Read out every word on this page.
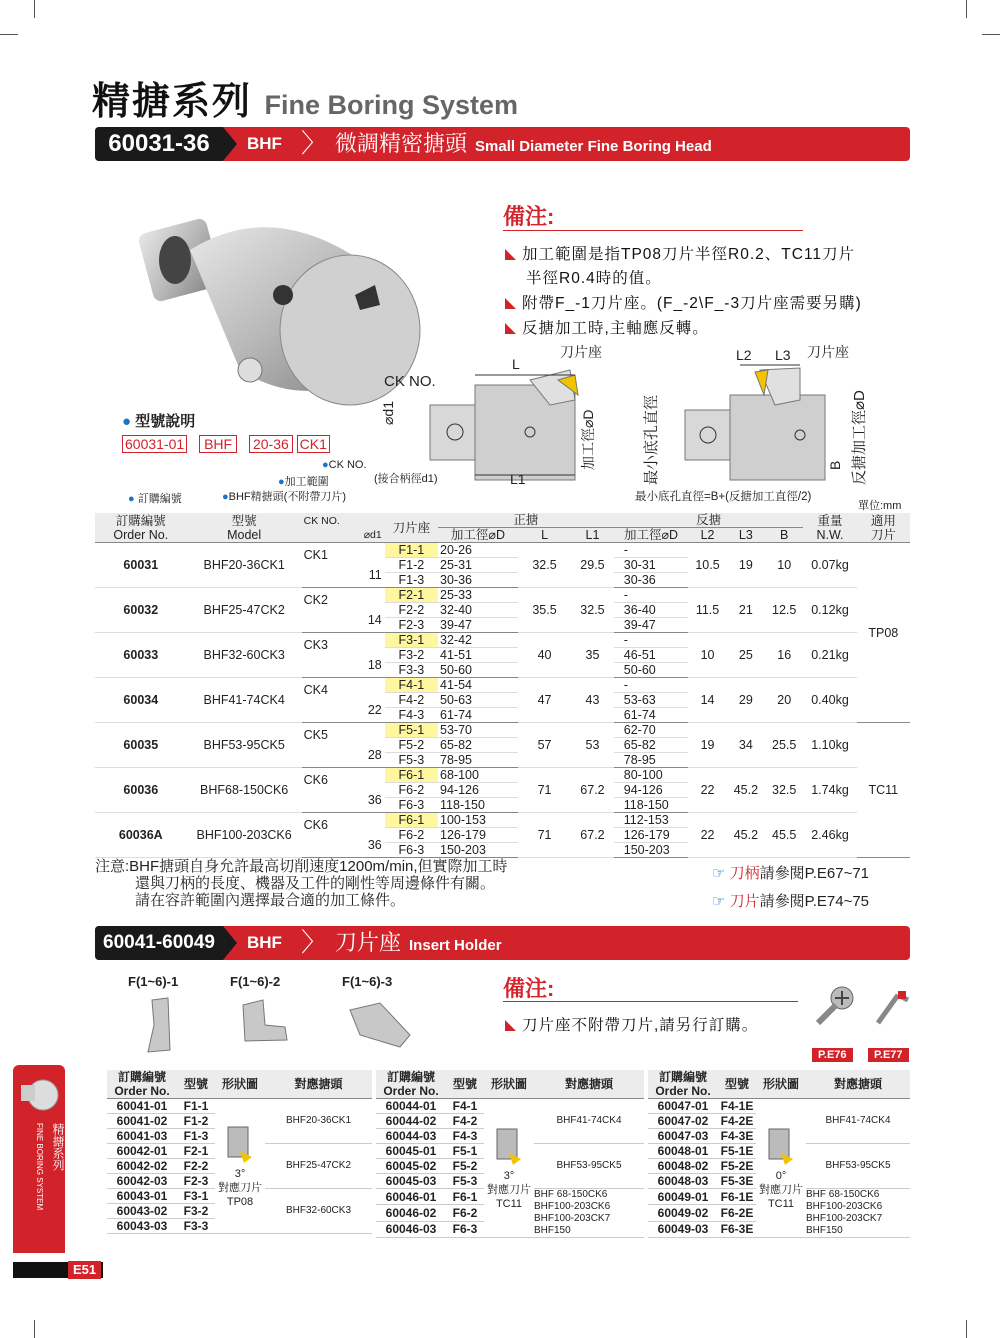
精搪系列 Fine Boring System
60031-36	BHF 〉 微調精密搪頭 Small Diameter Fine Boring Head
備注:
加工範圍是指TP08刀片半徑R0.2、TC11刀片
半徑R0.4時的值。
附帶F_-1刀片座。(F_-2\F_-3刀片座需要另購)
反搪加工時,主軸應反轉。
● 型號說明
60031-01 BHF 20-36 CK1
●CK NO.
(接合柄徑d1)
●加工範圍
●BHF精搪頭(不附帶刀片)
● 訂購編號
CK NO.
刀片座
L
L1
⌀d1	加工徑⌀D
L2 L3 刀片座
B
最小底孔直徑	反搪加工徑⌀D
最小底孔直徑=B+(反搪加工直徑/2)
單位:mm
訂購編號
Order No.	型號
Model	CK NO.

⌀d1	刀片座	正搪			反搪				重量
N.W.	適用
刀片
				加工徑⌀D	L	L1	加工徑⌀D	L2	L3	B		
60031	BHF20-36CK1	CK1
11	F1-1	20-26	32.5	29.5	-	10.5	19	10	0.07kg	TP08
			F1-2	25-31			30-31					
			F1-3	30-36			30-36					
60032	BHF25-47CK2	CK2
14	F2-1	25-33	35.5	32.5	-	11.5	21	12.5	0.12kg	
			F2-2	32-40			36-40					
			F2-3	39-47			39-47					
60033	BHF32-60CK3	CK3
18	F3-1	32-42	40	35	-	10	25	16	0.21kg	
			F3-2	41-51			46-51					
			F3-3	50-60			50-60					
60034	BHF41-74CK4	CK4
22	F4-1	41-54	47	43	-	14	29	20	0.40kg	
			F4-2	50-63			53-63					
			F4-3	61-74			61-74					
60035	BHF53-95CK5	CK5
28	F5-1	53-70	57	53	62-70	19	34	25.5	1.10kg	TC11
			F5-2	65-82			65-82					
			F5-3	78-95			78-95					
60036	BHF68-150CK6	CK6
36	F6-1	68-100	71	67.2	80-100	22	45.2	32.5	1.74kg	
			F6-2	94-126			94-126					
			F6-3	118-150			118-150					
60036A	BHF100-203CK6	CK6
36	F6-1	100-153	71	67.2	112-153	22	45.2	45.5	2.46kg	
			F6-2	126-179			126-179					
			F6-3	150-203			150-203					
注意:BHF搪頭自身允許最高切削速度1200m/min,但實際加工時
還與刀柄的長度、機器及工件的剛性等周邊條件有關。
請在容許範圍內選擇最合適的加工條件。
☞ 刀柄請參閱P.E67~71
☞ 刀片請參閱P.E74~75
60041-60049	BHF 〉 刀片座 Insert Holder
F(1~6)-1	F(1~6)-2	F(1~6)-3	備注:
刀片座不附帶刀片,請另行訂購。
P.E76	P.E77
訂購編號
Order No.	型號	形狀圖	對應搪頭
60041-01	F1-1	3°
對應刀片
TP08	BHF20-36CK1
60041-02	F1-2		
60041-03	F1-3		
60042-01	F2-1		BHF25-47CK2
60042-02	F2-2		
60042-03	F2-3		
60043-01	F3-1		BHF32-60CK3
60043-02	F3-2		
60043-03	F3-3		
訂購編號
Order No.	型號	形狀圖	對應搪頭
60044-01	F4-1	3°
對應刀片
TC11	BHF41-74CK4
60044-02	F4-2		
60044-03	F4-3		
60045-01	F5-1		BHF53-95CK5
60045-02	F5-2		
60045-03	F5-3		
60046-01	F6-1		BHF 68-150CK6
BHF100-203CK6
BHF100-203CK7
BHF150

60046-02	F6-2		
60046-03	F6-3		
訂購編號
Order No.	型號	形狀圖	對應搪頭
60047-01	F4-1E	0°
對應刀片
TC11	BHF41-74CK4
60047-02	F4-2E		
60047-03	F4-3E		
60048-01	F5-1E		BHF53-95CK5
60048-02	F5-2E		
60048-03	F5-3E		
60049-01	F6-1E		BHF 68-150CK6
BHF100-203CK6
BHF100-203CK7
BHF150

60049-02	F6-2E		
60049-03	F6-3E		
精搪系列
FINE BORING SYSTEM
E51
